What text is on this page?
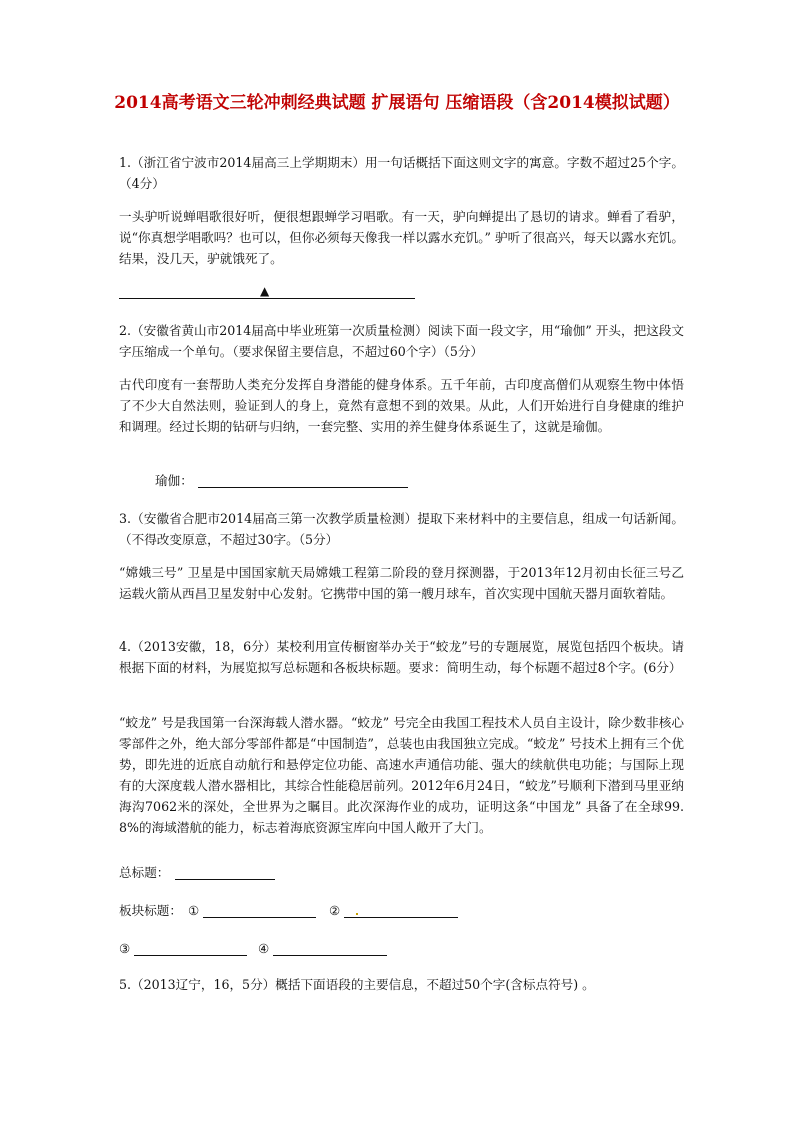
2014高考语文三轮冲刺经典试题 扩展语句 压缩语段（含2014模拟试题）
1.（浙江省宁波市2014届高三上学期期末）用一句话概括下面这则文字的寓意。字数不超过25个字。（4分）
一头驴听说蝉唱歌很好听，便很想跟蝉学习唱歌。有一天，驴向蝉提出了恳切的请求。蝉看了看驴，说“你真想学唱歌吗？也可以，但你必须每天像我一样以露水充饥。” 驴听了很高兴，每天以露水充饥。结果，没几天，驴就饿死了。
▲
2.（安徽省黄山市2014届高中毕业班第一次质量检测）阅读下面一段文字，用“瑜伽” 开头，把这段文字压缩成一个单句。（要求保留主要信息，不超过60个字）（5分）
古代印度有一套帮助人类充分发挥自身潜能的健身体系。五千年前，古印度高僧们从观察生物中体悟了不少大自然法则，验证到人的身上，竟然有意想不到的效果。从此，人们开始进行自身健康的维护和调理。经过长期的钻研与归纳，一套完整、实用的养生健身体系诞生了，这就是瑜伽。
瑜伽：
3.（安徽省合肥市2014届高三第一次教学质量检测）提取下来材料中的主要信息，组成一句话新闻。（不得改变原意，不超过30字。（5分）
“嫦娥三号” 卫星是中国国家航天局嫦娥工程第二阶段的登月探测器，于2013年12月初由长征三号乙运载火箭从西昌卫星发射中心发射。它携带中国的第一艘月球车，首次实现中国航天器月面软着陆。
4.（2013安徽，18，6分）某校利用宣传橱窗举办关于“蛟龙”号的专题展览，展览包括四个板块。请根据下面的材料，为展览拟写总标题和各板块标题。要求：简明生动，每个标题不超过8个字。(6分）
“蛟龙” 号是我国第一台深海载人潜水器。“蛟龙” 号完全由我国工程技术人员自主设计，除少数非核心零部件之外，绝大部分零部件都是“中国制造”，总装也由我国独立完成。“蛟龙” 号技术上拥有三个优势，即先进的近底自动航行和悬停定位功能、高速水声通信功能、强大的续航供电功能；与国际上现有的大深度载人潜水器相比，其综合性能稳居前列。2012年6月24日，“蛟龙”号顺利下潜到马里亚纳海沟7062米的深处，全世界为之瞩目。此次深海作业的成功，证明这条“中国龙” 具备了在全球99.8%的海域潜航的能力，标志着海底资源宝库向中国人敞开了大门。
总标题：
板块标题： ①	②
③	④
5.（2013辽宁，16，5分）概括下面语段的主要信息，不超过50个字(含标点符号) 。
